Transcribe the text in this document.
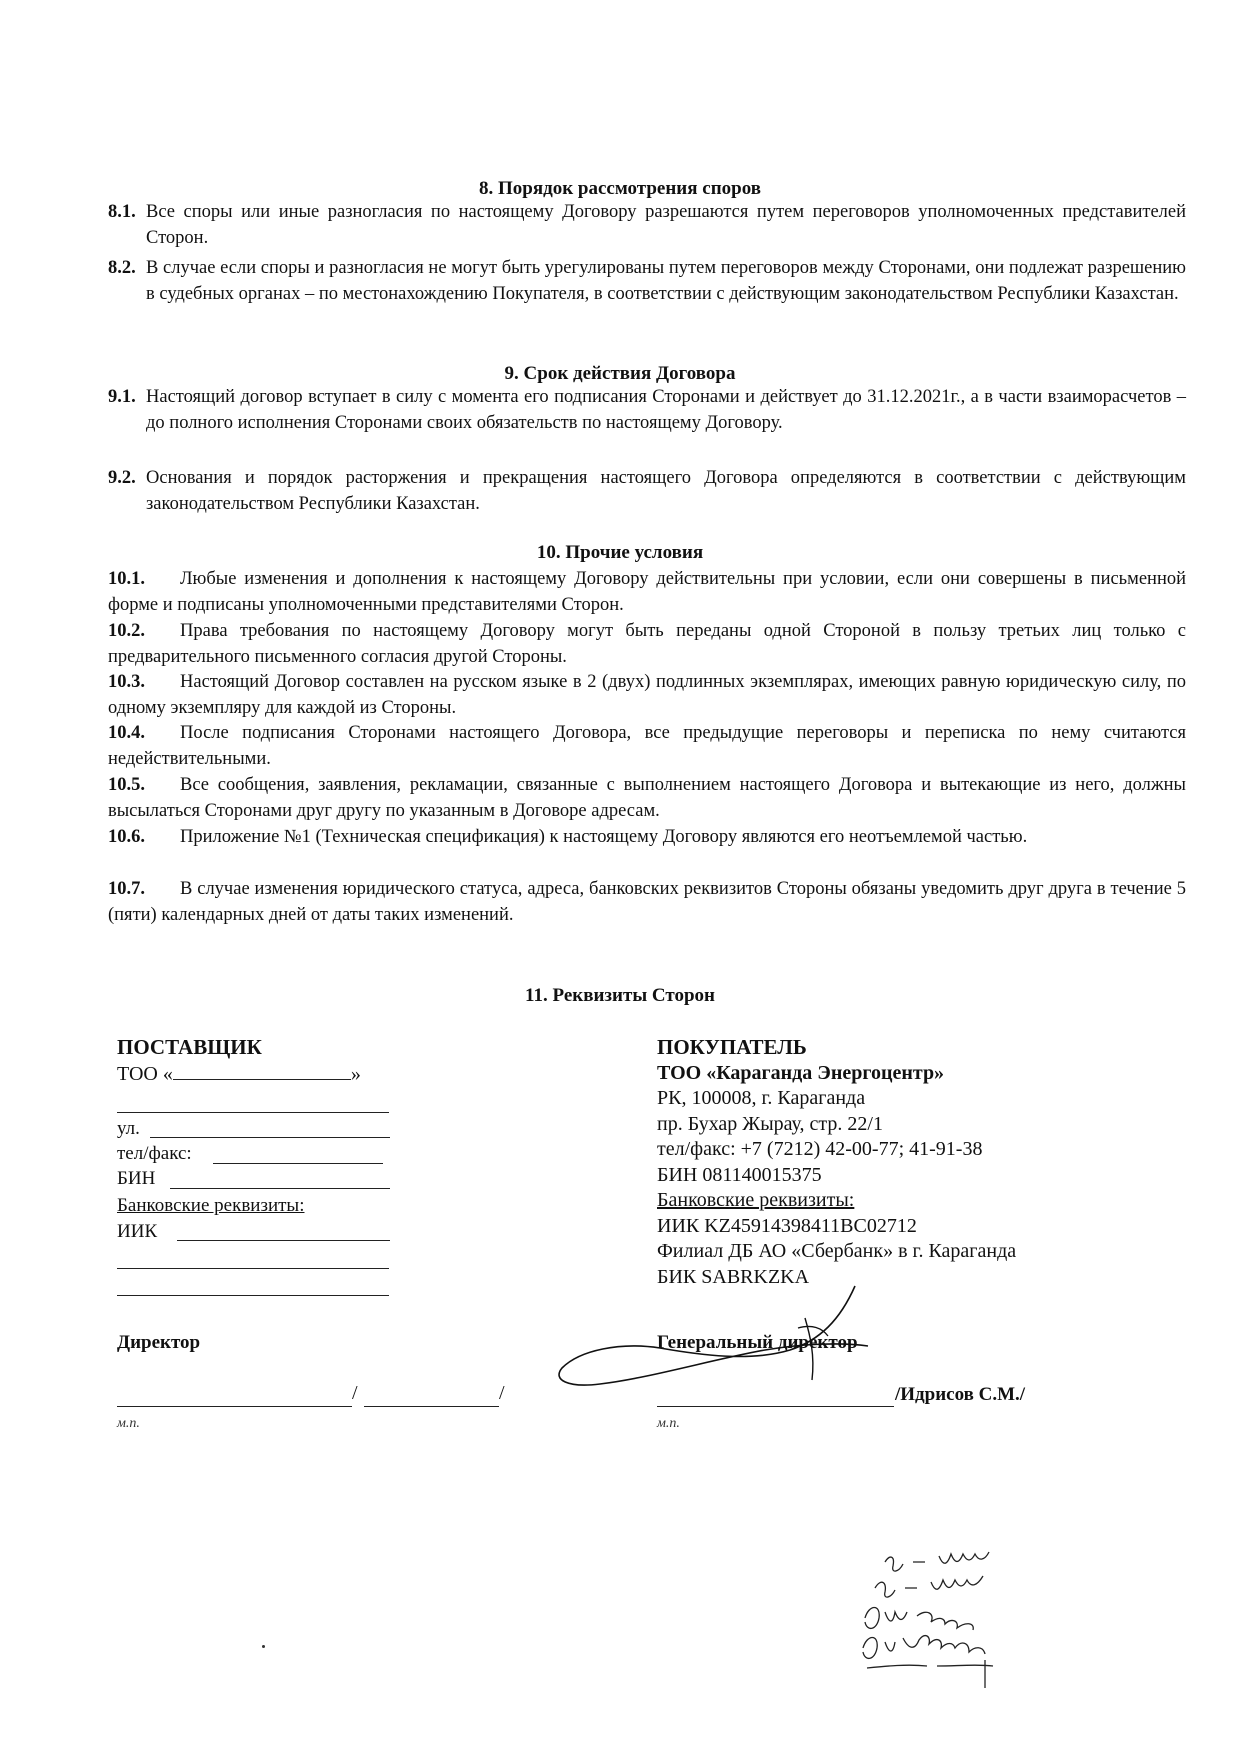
8. Порядок рассмотрения споров
8.1. Все споры или иные разногласия по настоящему Договору разрешаются путем переговоров уполномоченных представителей Сторон.
8.2. В случае если споры и разногласия не могут быть урегулированы путем переговоров между Сторонами, они подлежат разрешению в судебных органах – по местонахождению Покупателя, в соответствии с действующим законодательством Республики Казахстан.
9. Срок действия Договора
9.1. Настоящий договор вступает в силу с момента его подписания Сторонами и действует до 31.12.2021г., а в части взаиморасчетов – до полного исполнения Сторонами своих обязательств по настоящему Договору.
9.2. Основания и порядок расторжения и прекращения настоящего Договора определяются в соответствии с действующим законодательством Республики Казахстан.
10. Прочие условия
10.1.	Любые изменения и дополнения к настоящему Договору действительны при условии, если они совершены в письменной форме и подписаны уполномоченными представителями Сторон.
10.2.	Права требования по настоящему Договору могут быть переданы одной Стороной в пользу третьих лиц только с предварительного письменного согласия другой Стороны.
10.3.	Настоящий Договор составлен на русском языке в 2 (двух) подлинных экземплярах, имеющих равную юридическую силу, по одному экземпляру для каждой из Стороны.
10.4.	После подписания Сторонами настоящего Договора, все предыдущие переговоры и переписка по нему считаются недействительными.
10.5.	Все сообщения, заявления, рекламации, связанные с выполнением настоящего Договора и вытекающие из него, должны высылаться Сторонами друг другу по указанным в Договоре адресам.
10.6.	Приложение №1 (Техническая спецификация) к настоящему Договору являются его неотъемлемой частью.
10.7.	В случае изменения юридического статуса, адреса, банковских реквизитов Стороны обязаны уведомить друг друга в течение 5 (пяти) календарных дней от даты таких изменений.
11. Реквизиты Сторон
ПОСТАВЩИК
ТОО «	»
ул.
тел/факс:
БИН
Банковские реквизиты:
ИИК
Директор
/	/
м.п.
ПОКУПАТЕЛЬ
ТОО «Караганда Энергоцентр»
РК, 100008, г. Караганда
пр. Бухар Жырау, стр. 22/1
тел/факс: +7 (7212) 42-00-77; 41-91-38
БИН 081140015375
Банковские реквизиты:
ИИК KZ45914398411BC02712
Филиал ДБ АО «Сбербанк» в г. Караганда
БИК SABRKZKA
Генеральный директор
/Идрисов С.М./
м.п.
